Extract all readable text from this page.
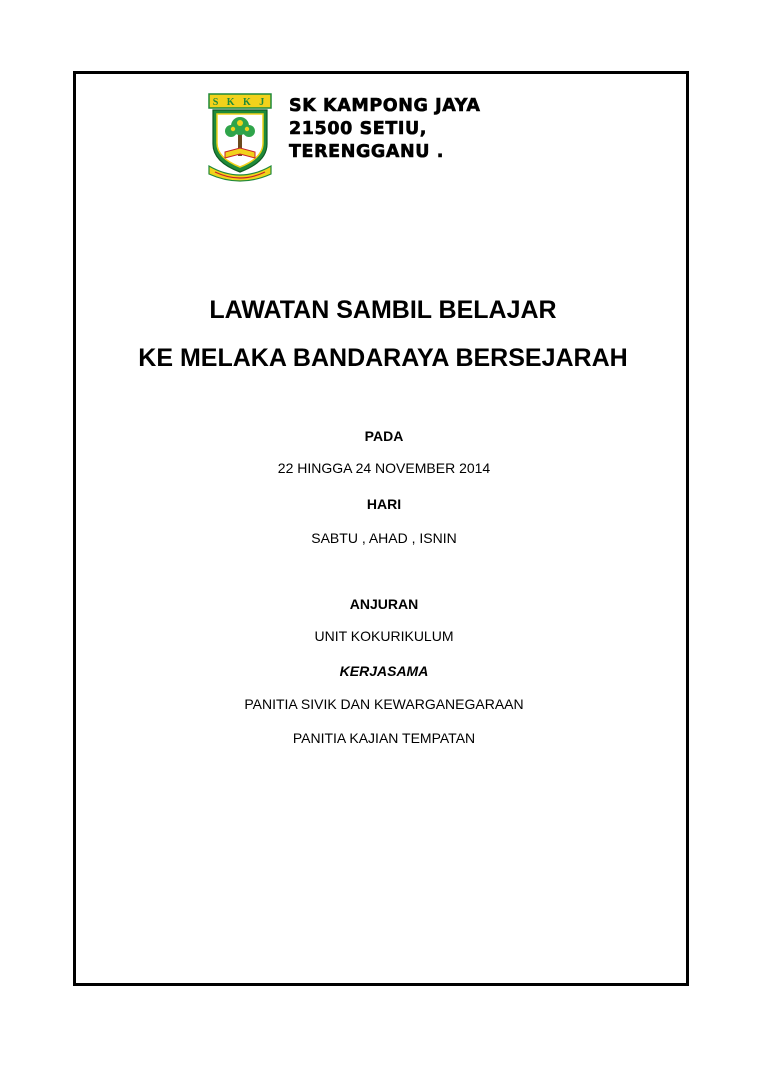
S K K J SK KAMPONG JAYA
21500 SETIU,
TERENGGANU .
LAWATAN SAMBIL BELAJAR
KE MELAKA BANDARAYA BERSEJARAH
PADA
22 HINGGA 24 NOVEMBER 2014
HARI
SABTU , AHAD , ISNIN
ANJURAN
UNIT KOKURIKULUM
KERJASAMA
PANITIA SIVIK DAN KEWARGANEGARAAN
PANITIA KAJIAN TEMPATAN
